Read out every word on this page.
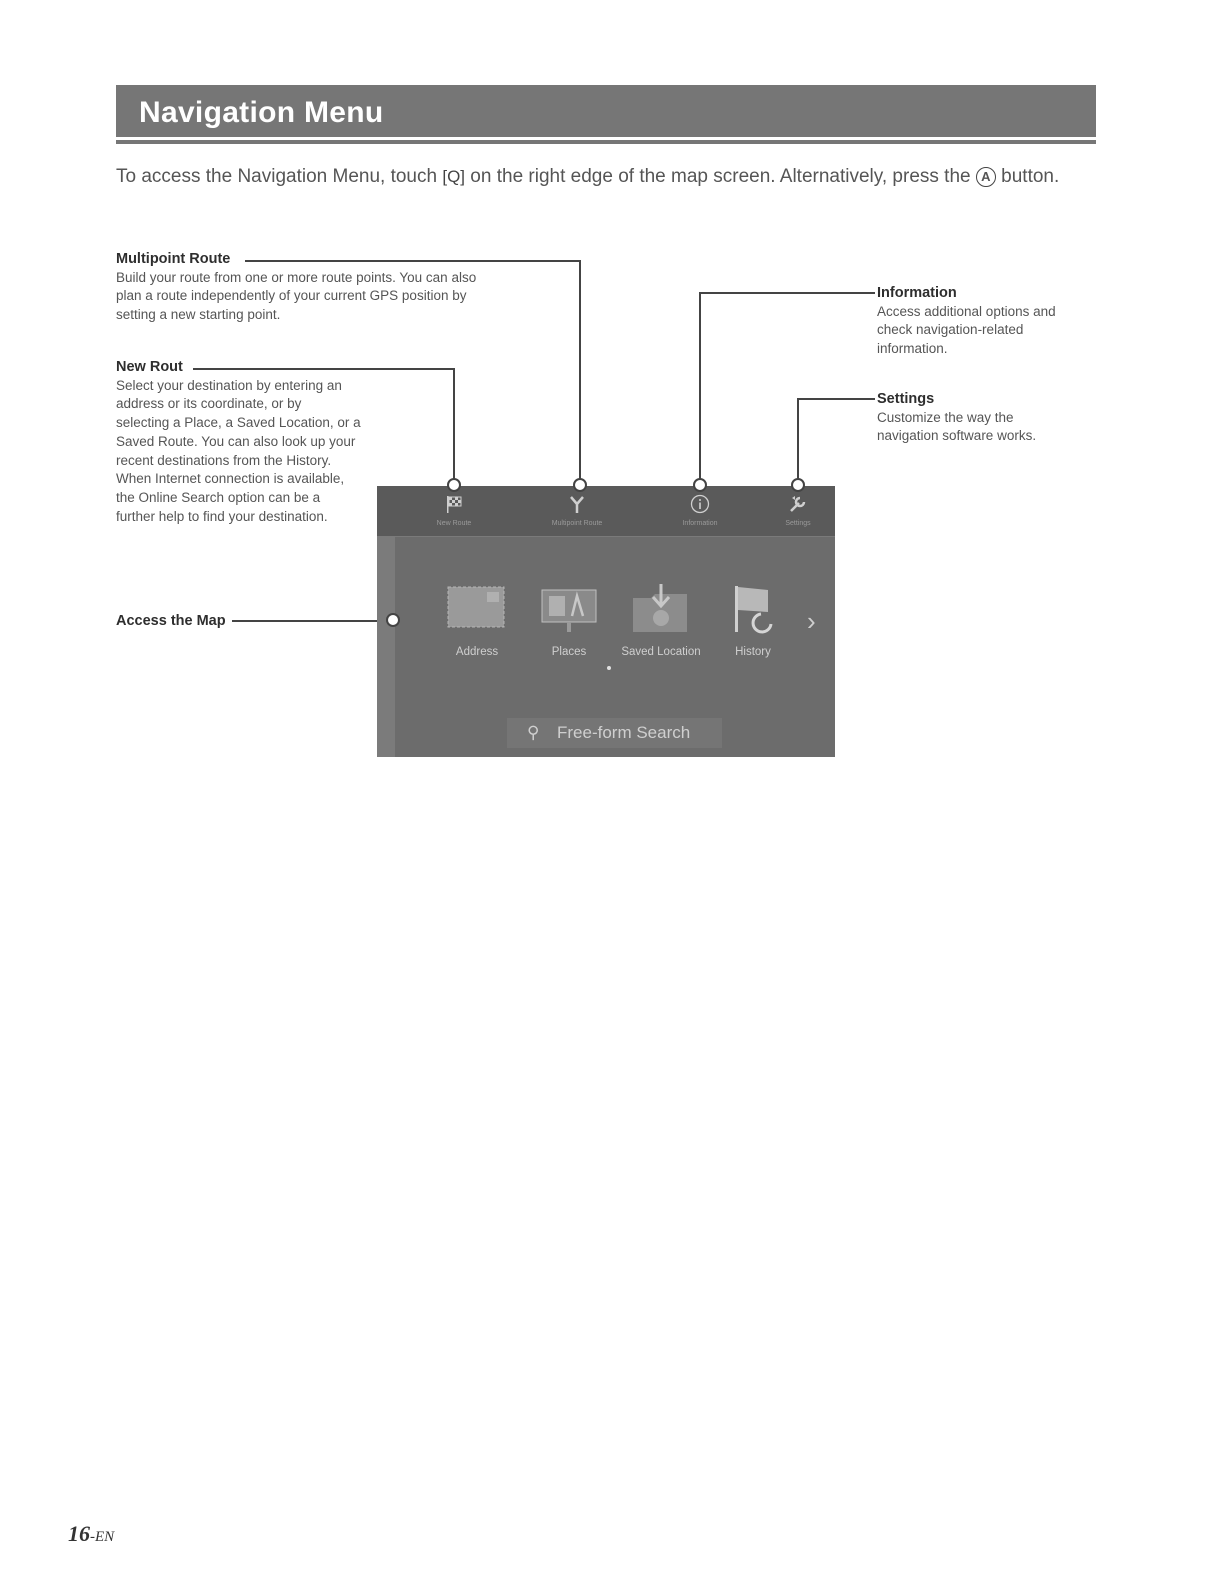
Navigation Menu
To access the Navigation Menu, touch [Q] on the right edge of the map screen. Alternatively, press the A button.
Multipoint Route
Build your route from one or more route points. You can also
plan a route independently of your current GPS position by
setting a new starting point.
New Rout
Select your destination by entering an
address or its coordinate, or by
selecting a Place, a Saved Location, or a
Saved Route. You can also look up your
recent destinations from the History.
When Internet connection is available,
the Online Search option can be a
further help to find your destination.
Access the Map
Information
Access additional options and
check navigation-related
information.
Settings
Customize the way the
navigation software works.
New Route	Multipoint Route	Information	Settings
Address	Places	Saved Location	History
›
⚲ Free-form Search
16-EN
